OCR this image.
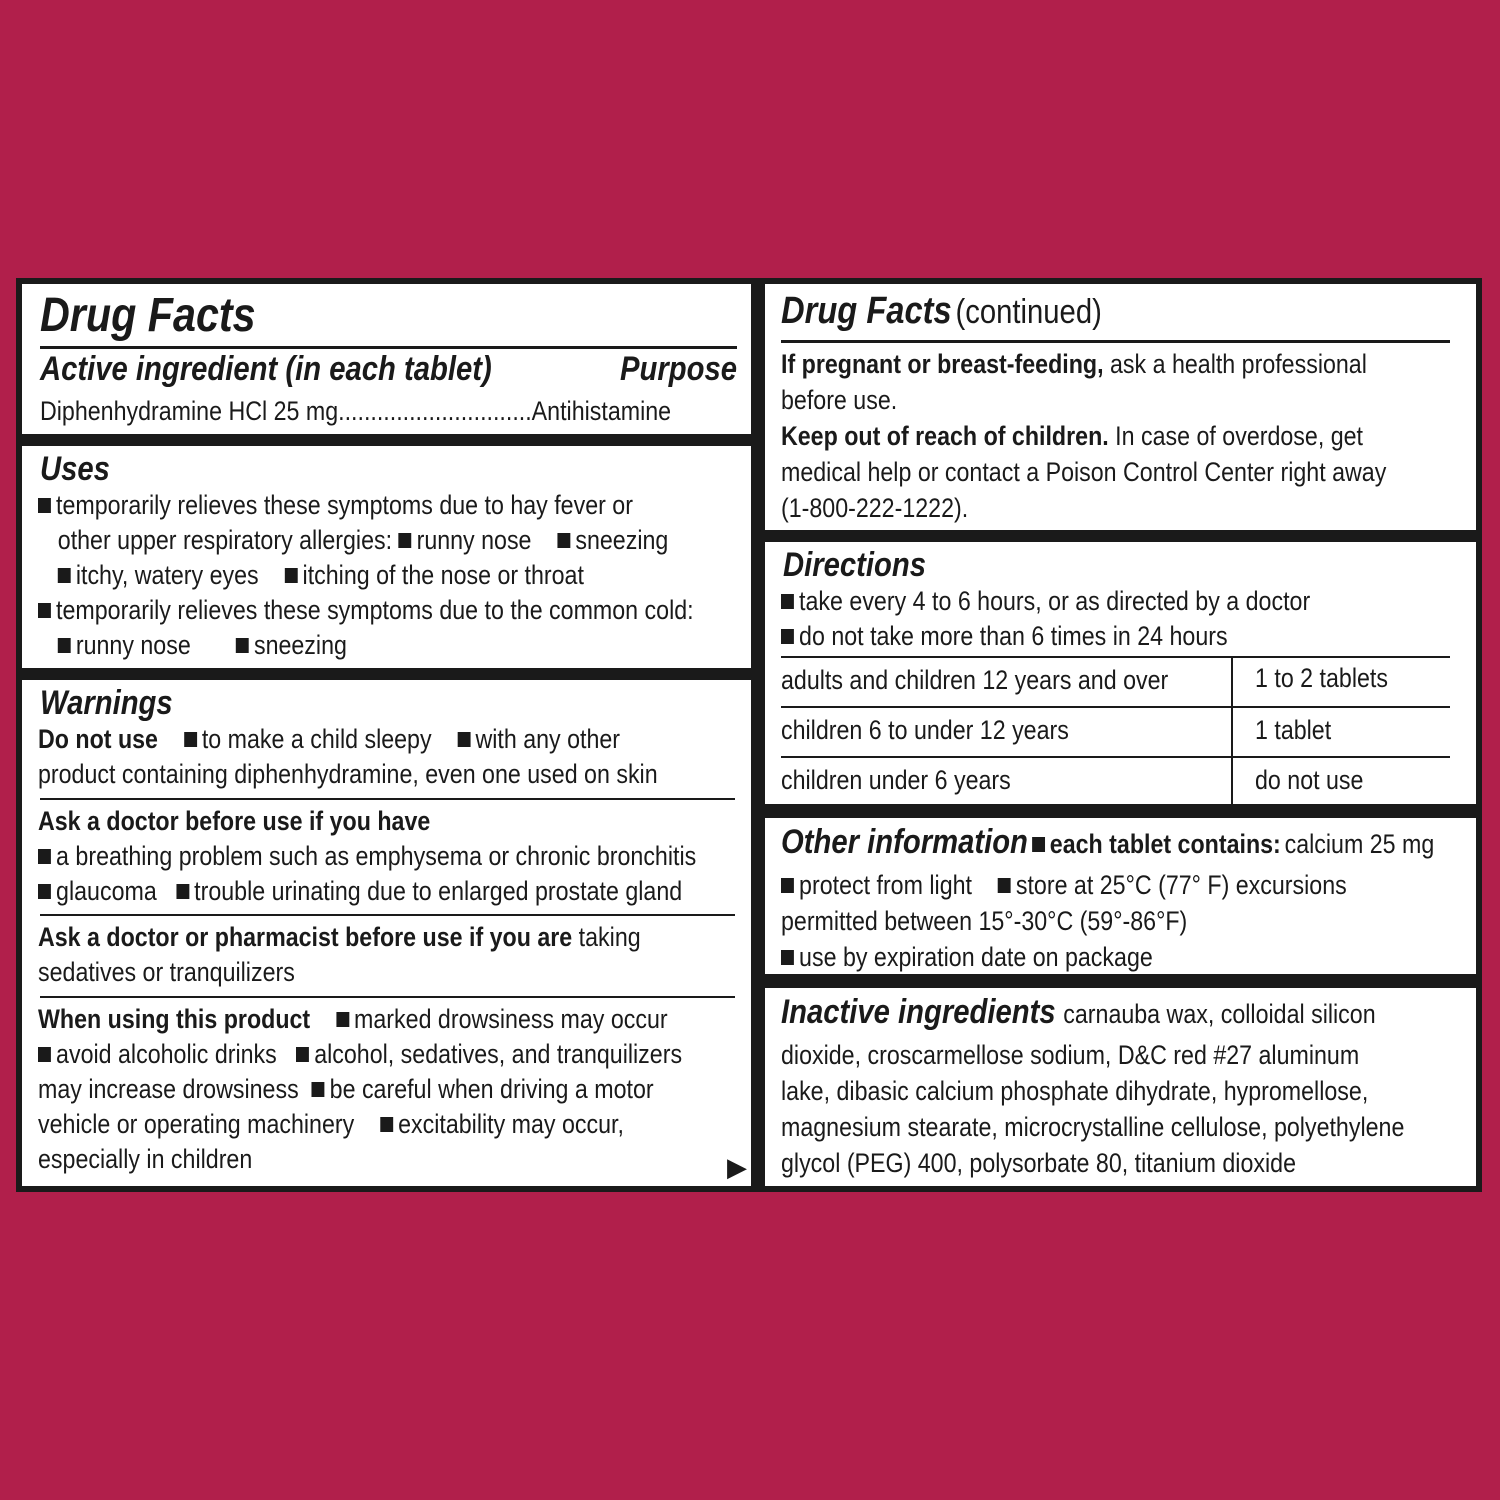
Drug Facts
Active ingredient (in each tablet)	Purpose
Diphenhydramine HCl 25 mg..............................Antihistamine
Uses
temporarily relieves these symptoms due to hay fever or
other upper respiratory allergies: runny nose sneezing
itchy, watery eyes itching of the nose or throat
temporarily relieves these symptoms due to the common cold:
runny nose sneezing
Warnings
Do not use to make a child sleepy with any other
product containing diphenhydramine, even one used on skin
Ask a doctor before use if you have
a breathing problem such as emphysema or chronic bronchitis
glaucoma trouble urinating due to enlarged prostate gland
Ask a doctor or pharmacist before use if you are taking
sedatives or tranquilizers
When using this product marked drowsiness may occur
avoid alcoholic drinks alcohol, sedatives, and tranquilizers
may increase drowsiness be careful when driving a motor
vehicle or operating machinery excitability may occur,
especially in children	▶
Drug Facts (continued)
If pregnant or breast-feeding, ask a health professional
before use.
Keep out of reach of children. In case of overdose, get
medical help or contact a Poison Control Center right away
(1-800-222-1222).
Directions
take every 4 to 6 hours, or as directed by a doctor
do not take more than 6 times in 24 hours
adults and children 12 years and over	1 to 2 tablets
children 6 to under 12 years	1 tablet
children under 6 years	do not use
Other information each tablet contains: calcium 25 mg
protect from light store at 25°C (77° F) excursions
permitted between 15°-30°C (59°-86°F)
use by expiration date on package
Inactive ingredients carnauba wax, colloidal silicon
dioxide, croscarmellose sodium, D&C red #27 aluminum
lake, dibasic calcium phosphate dihydrate, hypromellose,
magnesium stearate, microcrystalline cellulose, polyethylene
glycol (PEG) 400, polysorbate 80, titanium dioxide
